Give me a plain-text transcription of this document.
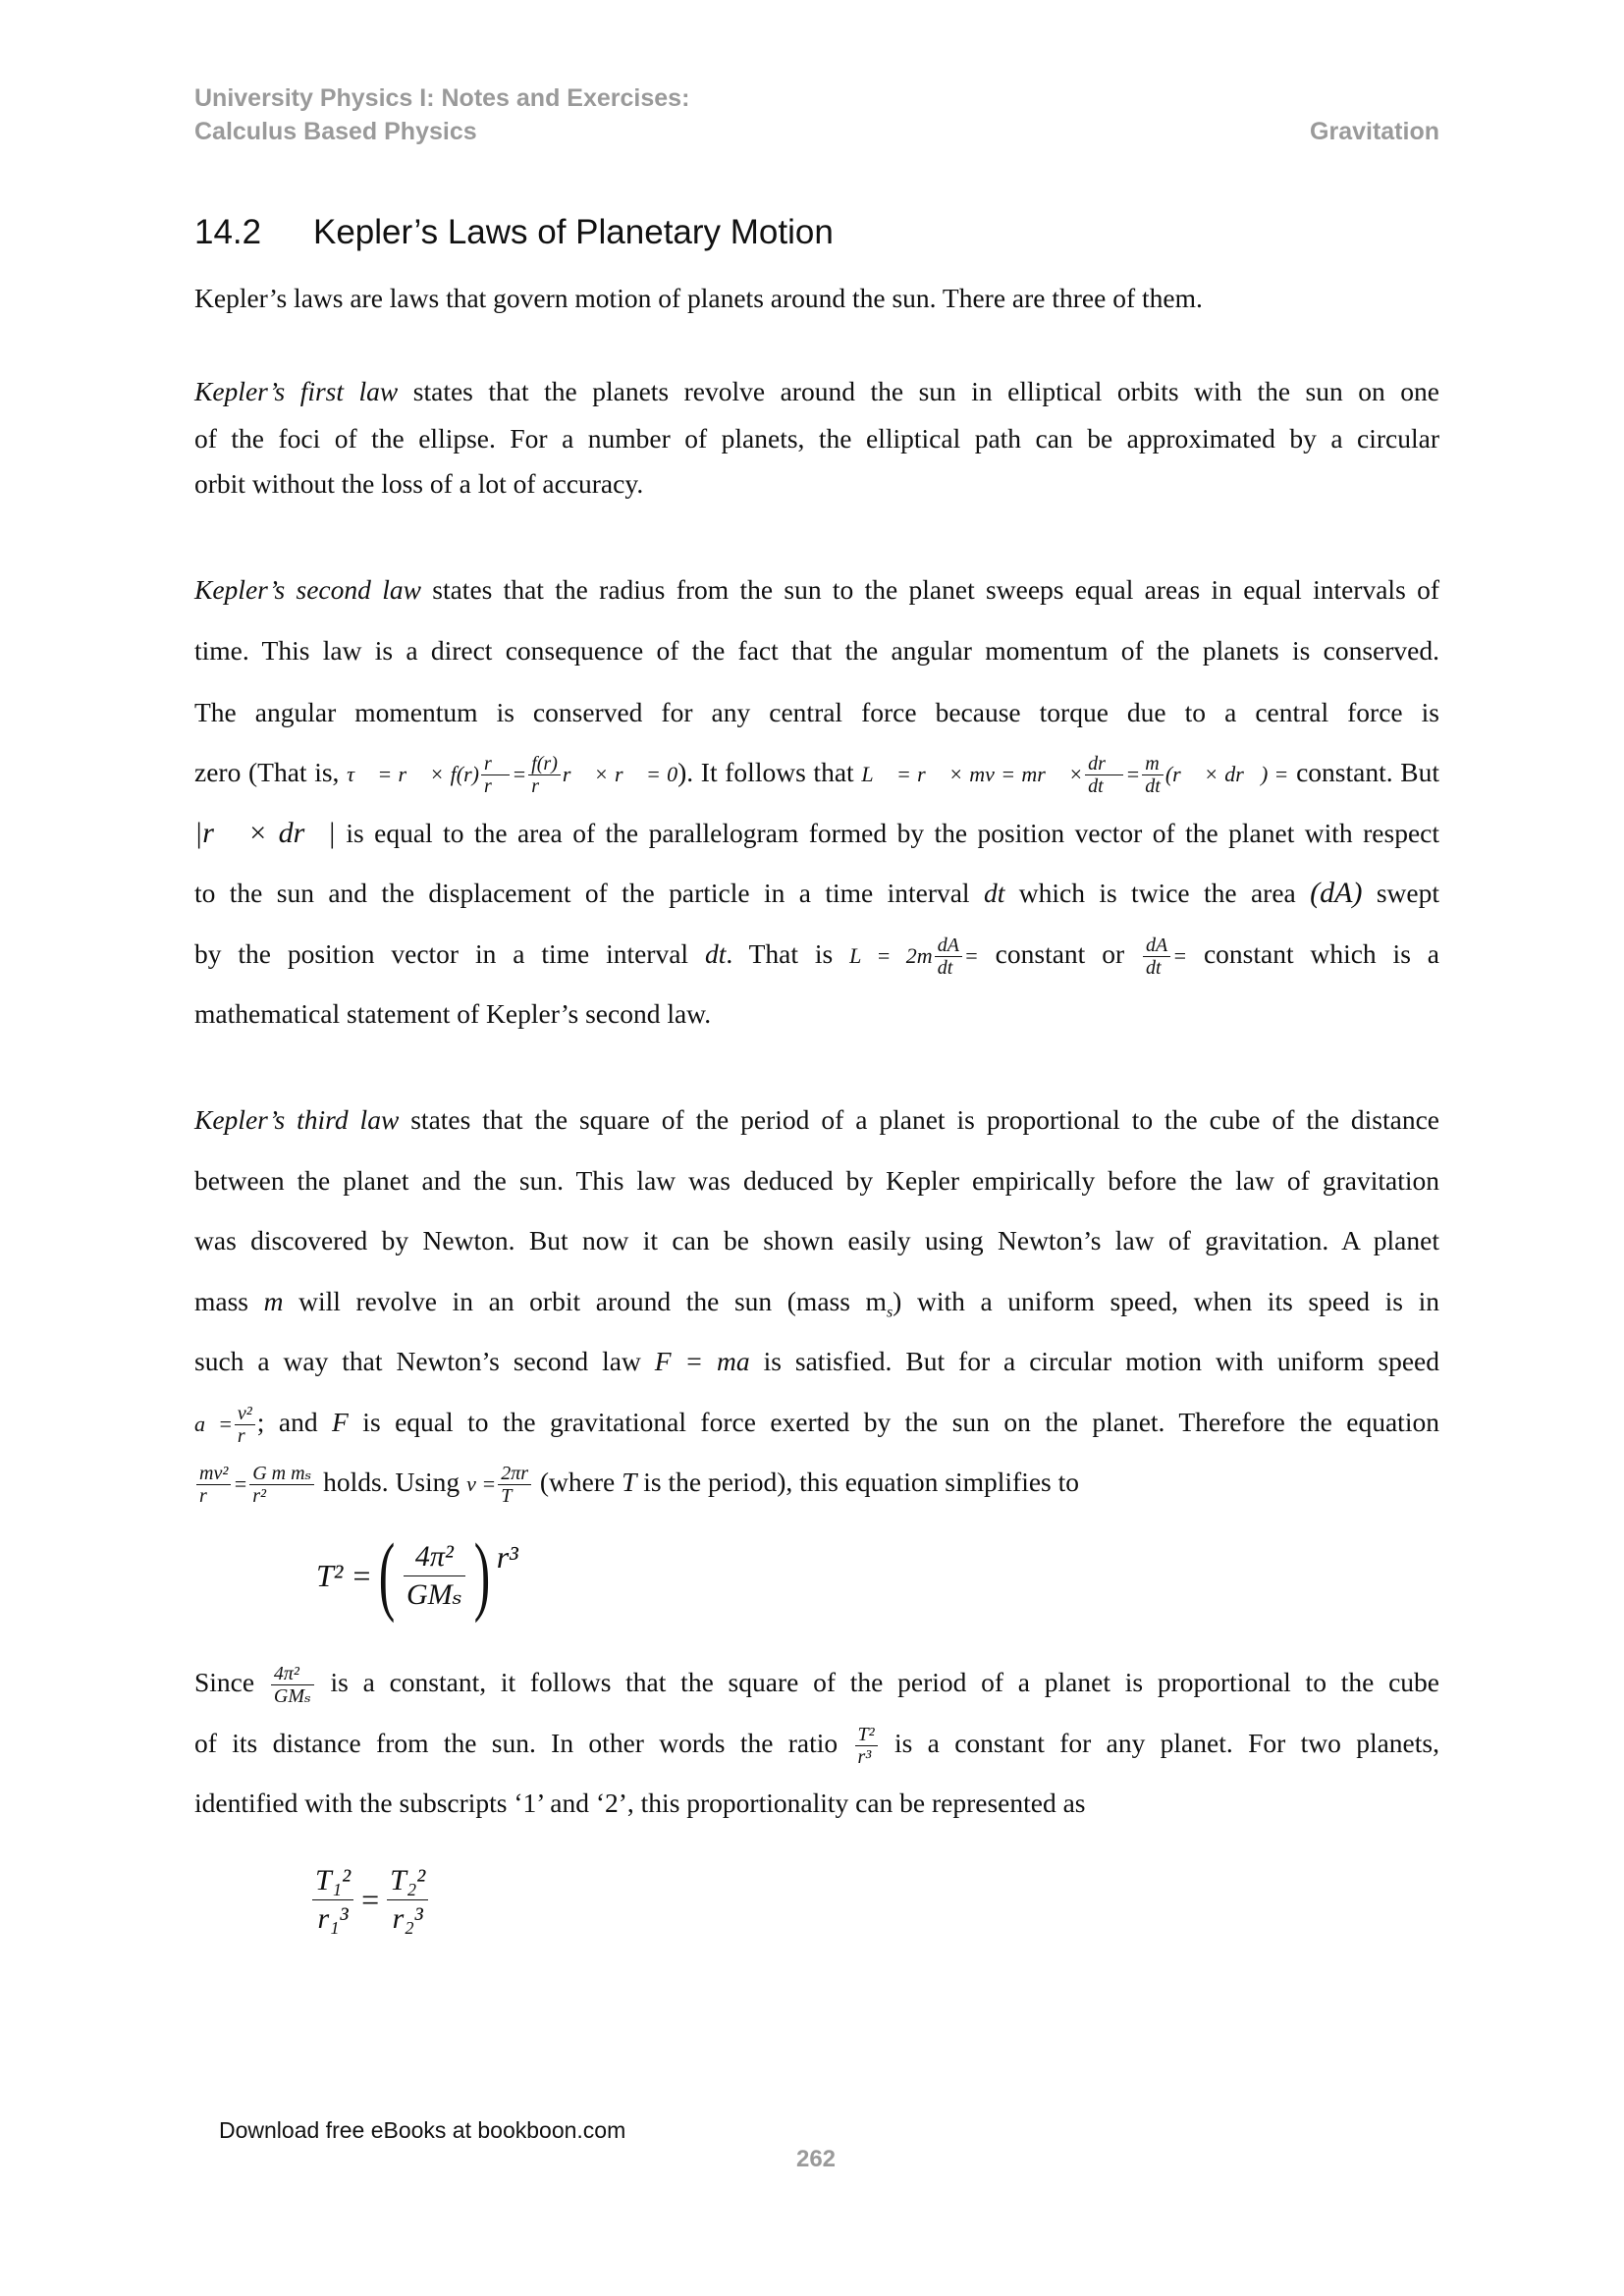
University Physics I: Notes and Exercises:
Calculus Based Physics	Gravitation
14.2 Kepler’s Laws of Planetary Motion
Kepler’s laws are laws that govern motion of planets around the sun. There are three of them.
Kepler’s first law states that the planets revolve around the sun in elliptical orbits with the sun on one
of the foci of the ellipse. For a number of planets, the elliptical path can be approximated by a circular
orbit without the loss of a lot of accuracy.
Kepler’s second law states that the radius from the sun to the planet sweeps equal areas in equal intervals of
time. This law is a direct consequence of the fact that the angular momentum of the planets is conserved.
The angular momentum is conserved for any central force because torque due to a central force is
zero (That is, τ⃗ = r⃗ × $f(r) \frac{r⃗}{r} = \frac{f(r)}{r}$ r⃗ × r⃗ = 0). It follows that L⃗ = r⃗ × mv = mr⃗ × $\frac{dr⃗}{dt} = \frac{m}{dt}$ (r⃗ × dr⃗) = constant. But
|r⃗ × dr⃗| is equal to the area of the parallelogram formed by the position vector of the planet with respect
to the sun and the displacement of the particle in a time interval dt which is twice the area (dA) swept
by the position vector in a time interval dt. That is $L = 2m \frac{dA}{dt}$ = constant or $\frac{dA}{dt}$ = constant which is a
mathematical statement of Kepler’s second law.
Kepler’s third law states that the square of the period of a planet is proportional to the cube of the distance
between the planet and the sun. This law was deduced by Kepler empirically before the law of gravitation
was discovered by Newton. But now it can be shown easily using Newton’s law of gravitation. A planet
mass m will revolve in an orbit around the sun (mass $m_s$) with a uniform speed, when its speed is in
such a way that Newton’s second law F = ma is satisfied. But for a circular motion with uniform speed
$a = \frac{\text{v²}}{r}$ ; and F is equal to the gravitational force exerted by the sun on the planet. Therefore the equation
$\frac{\text{mv²}}{r} = \frac{\text{G m mₛ}}{\text{r²}}$ holds. Using $v = \frac{2\pi r}{T}$ (where T is the period), this equation simplifies to
T² = ( $\frac{\text{4π²}}{\text{GMₛ}}$ ) r³
Since $\frac{\text{4π²}}{\text{GMₛ}}$ is a constant, it follows that the square of the period of a planet is proportional to the cube
of its distance from the sun. In other words the ratio $\frac{\text{T²}}{\text{r³}}$ is a constant for any planet. For two planets,
identified with the subscripts ‘1’ and ‘2’, this proportionality can be represented as
$\frac{\text{T₁²}}{\text{r₁³}} = \frac{\text{T₂²}}{\text{r₂³}}$
Download free eBooks at bookboon.com
262
